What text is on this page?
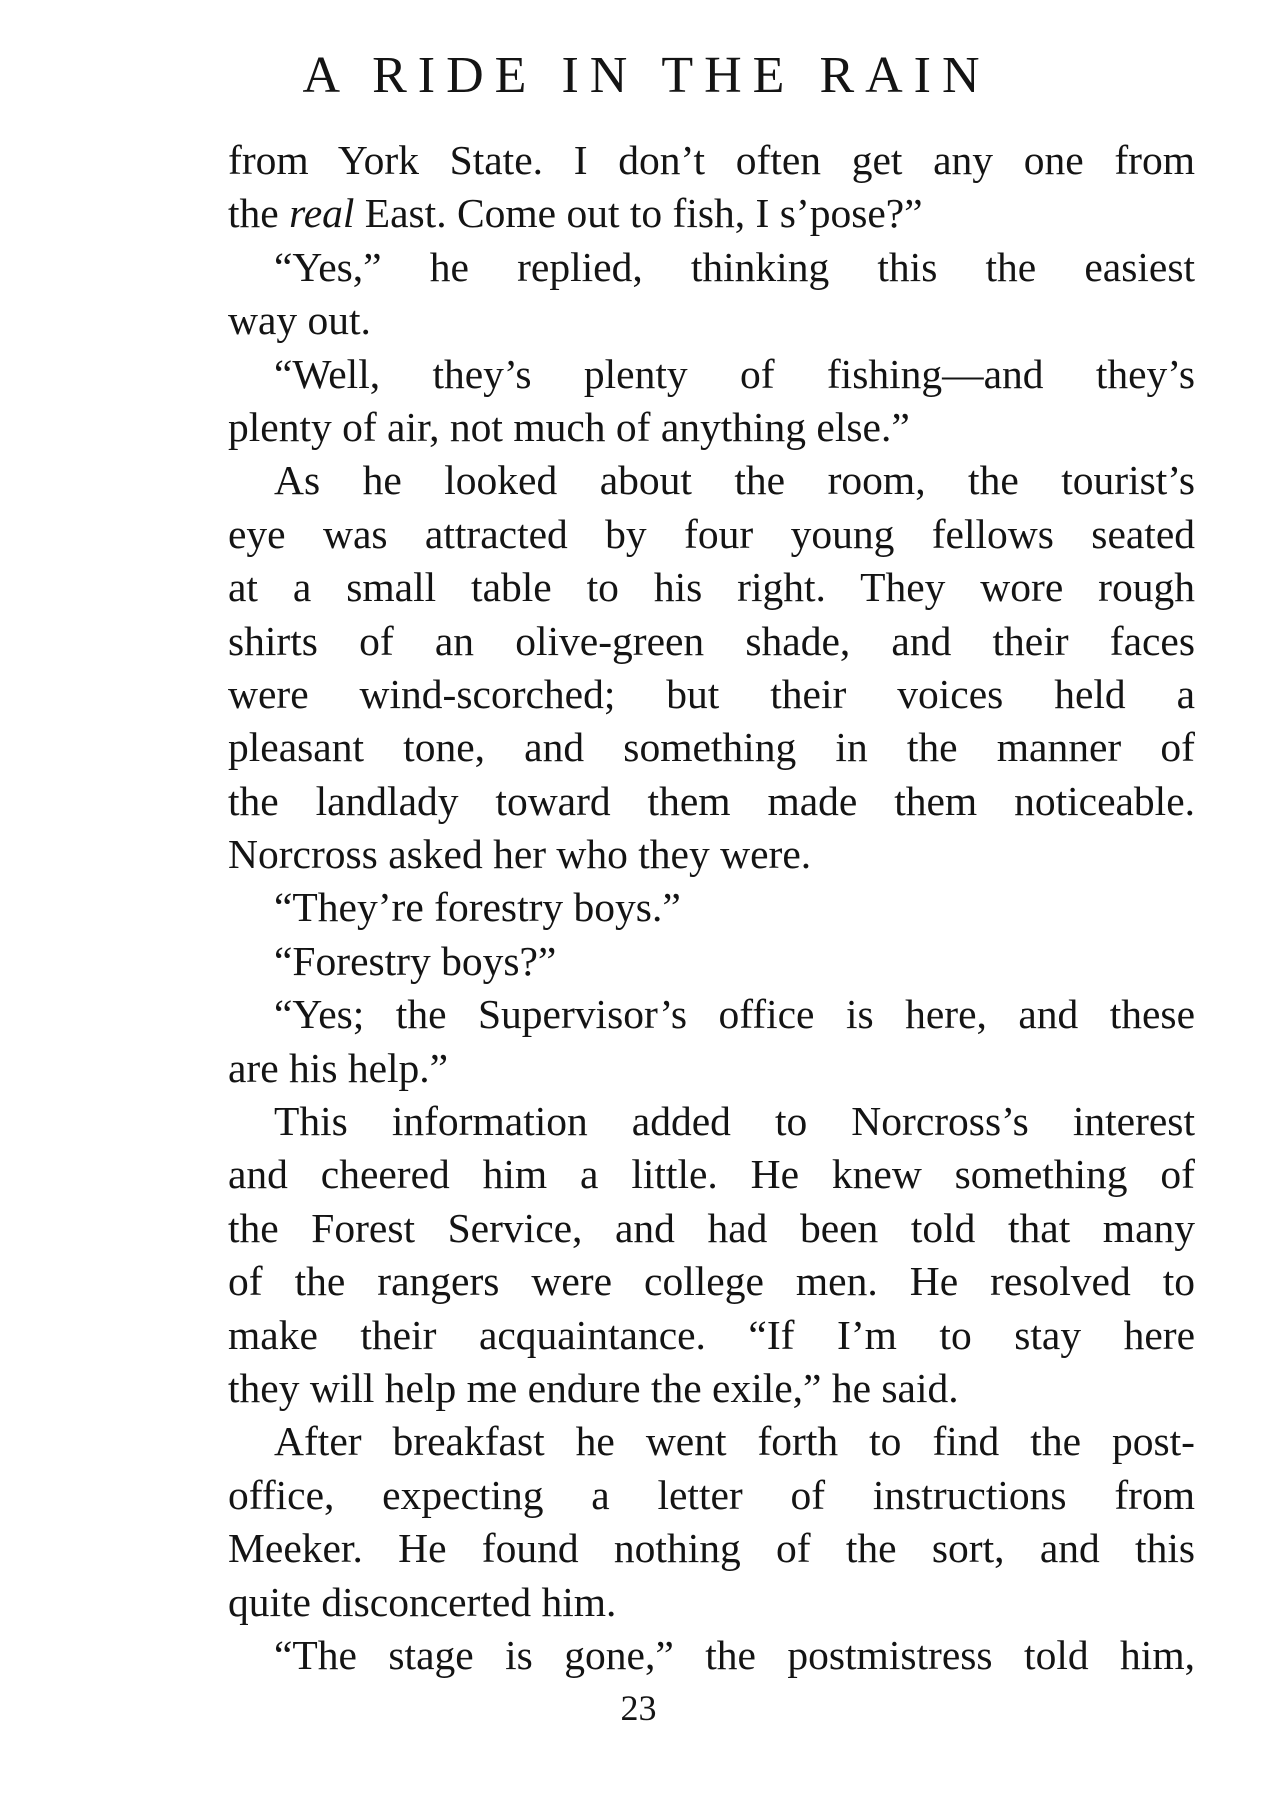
A RIDE IN THE RAIN
from York State. I don’t often get any one from
the real East. Come out to fish, I s’pose?”
“Yes,” he replied, thinking this the easiest
way out.
“Well, they’s plenty of fishing—and they’s
plenty of air, not much of anything else.”
As he looked about the room, the tourist’s
eye was attracted by four young fellows seated
at a small table to his right. They wore rough
shirts of an olive-green shade, and their faces
were wind-scorched; but their voices held a
pleasant tone, and something in the manner of
the landlady toward them made them noticeable.
Norcross asked her who they were.
“They’re forestry boys.”
“Forestry boys?”
“Yes; the Supervisor’s office is here, and these
are his help.”
This information added to Norcross’s interest
and cheered him a little. He knew something of
the Forest Service, and had been told that many
of the rangers were college men. He resolved to
make their acquaintance. “If I’m to stay here
they will help me endure the exile,” he said.
After breakfast he went forth to find the post-
office, expecting a letter of instructions from
Meeker. He found nothing of the sort, and this
quite disconcerted him.
“The stage is gone,” the postmistress told him,
23
